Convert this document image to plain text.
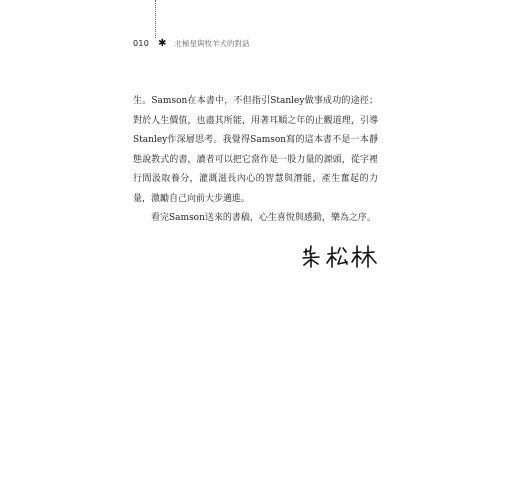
010 ✱ 北極星與牧羊犬的對話

生。Samson在本書中，不但指引Stanley做事成功的途徑；對於人生價值，也盡其所能，用著耳順之年的止觀道理，引導Stanley作深層思考。我覺得Samson寫的這本書不是一本靜態說教式的書，讀者可以把它當作是一股力量的源頭，從字裡行間汲取養分，灌溉滋長內心的智慧與潛能，產生奮起的力量，激勵自己向前大步邁進。

看完Samson送來的書稿，心生喜悅與感動，樂為之序。
